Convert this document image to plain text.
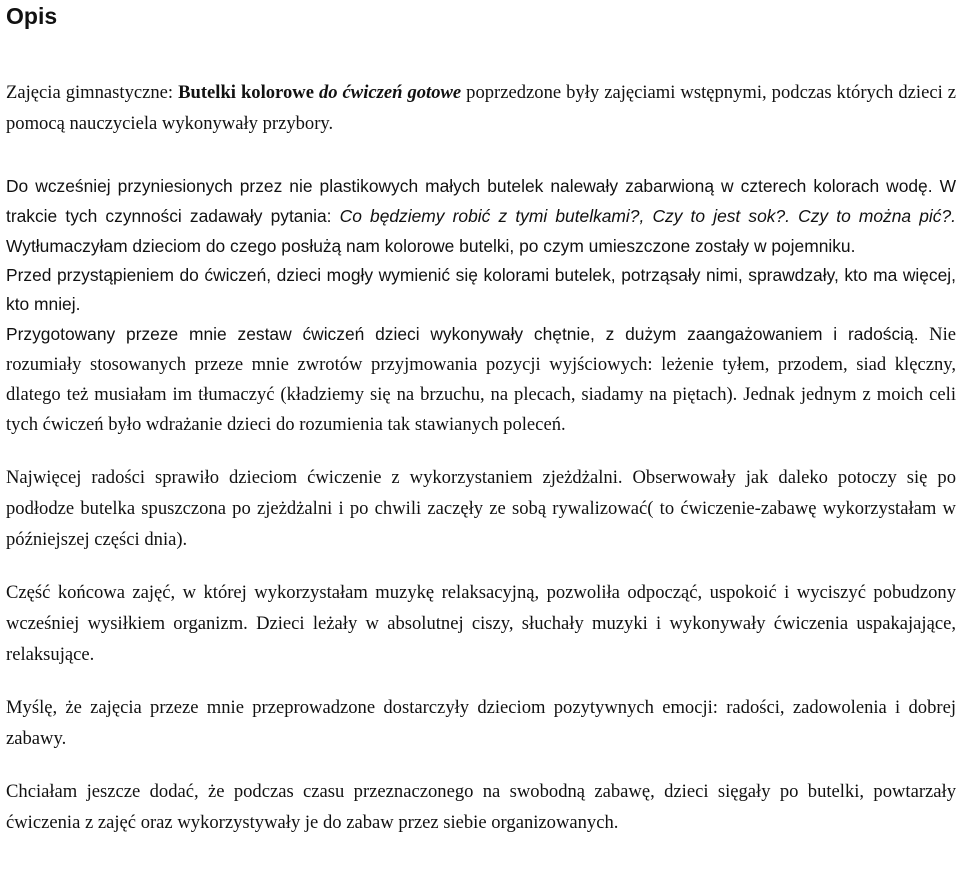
Opis

Zajęcia gimnastyczne: Butelki kolorowe do ćwiczeń gotowe poprzedzone były zajęciami wstępnymi, podczas których dzieci z pomocą nauczyciela wykonywały przybory.

Do wcześniej przyniesionych przez nie plastikowych małych butelek nalewały zabarwioną w czterech kolorach wodę. W trakcie tych czynności zadawały pytania: Co będziemy robić z tymi butelkami?, Czy to jest sok?. Czy to można pić?. Wytłumaczyłam dzieciom do czego posłużą nam kolorowe butelki, po czym umieszczone zostały w pojemniku.

Przed przystąpieniem do ćwiczeń, dzieci mogły wymienić się kolorami butelek, potrząsały nimi, sprawdzały, kto ma więcej, kto mniej.

Przygotowany przeze mnie zestaw ćwiczeń dzieci wykonywały chętnie, z dużym zaangażowaniem i radością. Nie rozumiały stosowanych przeze mnie zwrotów przyjmowania pozycji wyjściowych: leżenie tyłem, przodem, siad klęczny, dlatego też musiałam im tłumaczyć (kładziemy się na brzuchu, na plecach, siadamy na piętach). Jednak jednym z moich celi tych ćwiczeń było wdrażanie dzieci do rozumienia tak stawianych poleceń.

Najwięcej radości sprawiło dzieciom ćwiczenie z wykorzystaniem zjeżdżalni. Obserwowały jak daleko potoczy się po podłodze butelka spuszczona po zjeżdżalni i po chwili zaczęły ze sobą rywalizować( to ćwiczenie-zabawę wykorzystałam w późniejszej części dnia).

Część końcowa zajęć, w której wykorzystałam muzykę relaksacyjną, pozwoliła odpocząć, uspokoić i wyciszyć pobudzony wcześniej wysiłkiem organizm. Dzieci leżały w absolutnej ciszy, słuchały muzyki i wykonywały ćwiczenia uspakajające, relaksujące.

Myślę, że zajęcia przeze mnie przeprowadzone dostarczyły dzieciom pozytywnych emocji: radości, zadowolenia i dobrej zabawy.

Chciałam jeszcze dodać, że podczas czasu przeznaczonego na swobodną zabawę, dzieci sięgały po butelki, powtarzały ćwiczenia z zajęć oraz wykorzystywały je do zabaw przez siebie organizowanych.
